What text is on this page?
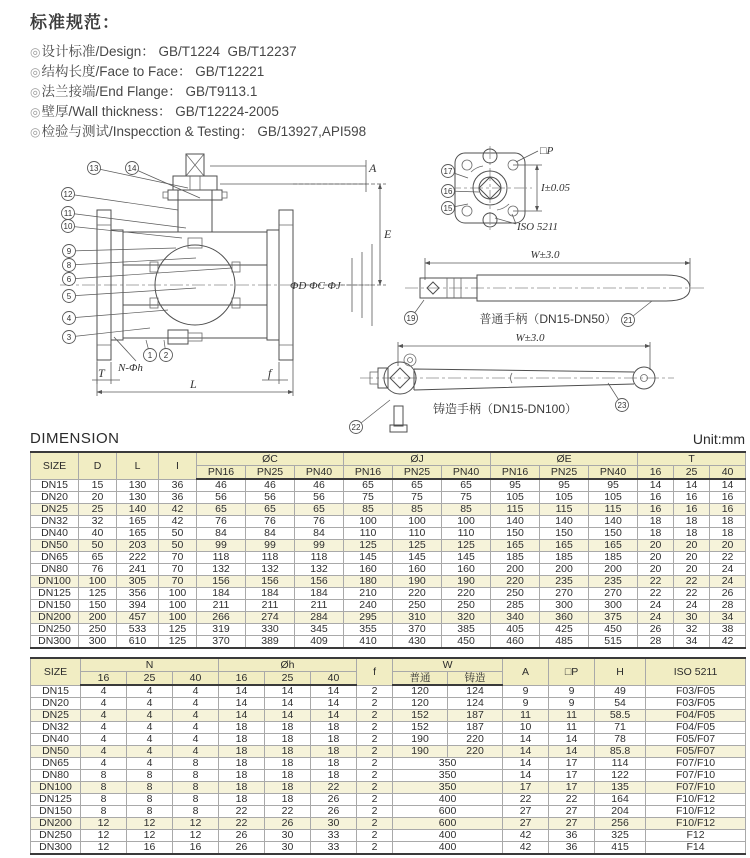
标准规范：
◎设计标准/Design： GB/T1224  GB/T12237
◎结构长度/Face to Face： GB/T12221
◎法兰接端/End Flange： GB/T9113.1
◎壁厚/Wall thickness： GB/T12224-2005
◎检验与测试/Inspecction & Testing： GB/13927,API598
A
E
ΦD ΦC ΦJ
T	f
N-Φh
L
□P
I±0.05
ISO 5211
W±3.0
普通手柄（DN15-DN50）
W±3.0
铸造手柄（DN15-DN100）
13	14
12
11
10
9
8
6
5
4
3
1 2
17
16
15
19	21
22
23
DIMENSION	Unit:mm
SIZE	D	L	I	ØC			ØJ			ØE			T		
				PN16	PN25	PN40	PN16	PN25	PN40	PN16	PN25	PN40	16	25	40
DN15	15	130	36	46	46	46	65	65	65	95	95	95	14	14	14
DN20	20	130	36	56	56	56	75	75	75	105	105	105	16	16	16
DN25	25	140	42	65	65	65	85	85	85	115	115	115	16	16	16
DN32	32	165	42	76	76	76	100	100	100	140	140	140	18	18	18
DN40	40	165	50	84	84	84	110	110	110	150	150	150	18	18	18
DN50	50	203	50	99	99	99	125	125	125	165	165	165	20	20	20
DN65	65	222	70	118	118	118	145	145	145	185	185	185	20	20	22
DN80	76	241	70	132	132	132	160	160	160	200	200	200	20	20	24
DN100	100	305	70	156	156	156	180	190	190	220	235	235	22	22	24
DN125	125	356	100	184	184	184	210	220	220	250	270	270	22	22	26
DN150	150	394	100	211	211	211	240	250	250	285	300	300	24	24	28
DN200	200	457	100	266	274	284	295	310	320	340	360	375	24	30	34
DN250	250	533	125	319	330	345	355	370	385	405	425	450	26	32	38
DN300	300	610	125	370	389	409	410	430	450	460	485	515	28	34	42
SIZE	N			Øh			f	W		A	□P	H	ISO 5211
	16	25	40	16	25	40		普通	铸造				
DN15	4	4	4	14	14	14	2	120	124	9	9	49	F03/F05
DN20	4	4	4	14	14	14	2	120	124	9	9	54	F03/F05
DN25	4	4	4	14	14	14	2	152	187	11	11	58.5	F04/F05
DN32	4	4	4	18	18	18	2	152	187	10	11	71	F04/F05
DN40	4	4	4	18	18	18	2	190	220	14	14	78	F05/F07
DN50	4	4	4	18	18	18	2	190	220	14	14	85.8	F05/F07
DN65	4	4	8	18	18	18	2	350		14	17	114	F07/F10
DN80	8	8	8	18	18	18	2	350		14	17	122	F07/F10
DN100	8	8	8	18	18	22	2	350		17	17	135	F07/F10
DN125	8	8	8	18	18	26	2	400		22	22	164	F10/F12
DN150	8	8	8	22	22	26	2	600		27	27	204	F10/F12
DN200	12	12	12	22	26	30	2	600		27	27	256	F10/F12
DN250	12	12	12	26	30	33	2	400		42	36	325	F12
DN300	12	16	16	26	30	33	2	400		42	36	415	F14
